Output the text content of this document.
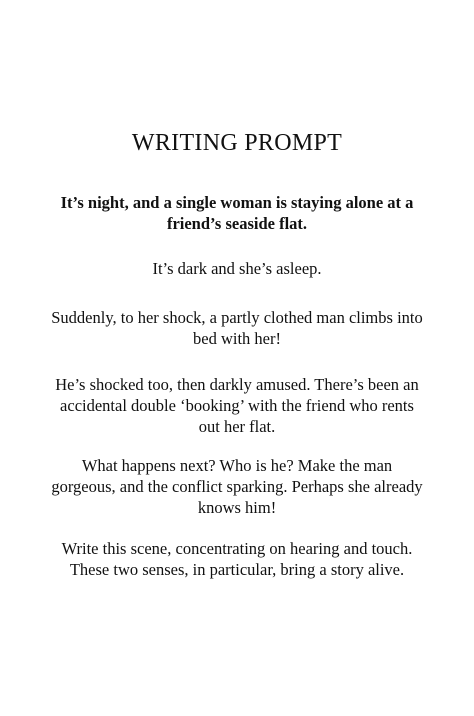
WRITING PROMPT
It’s night, and a single woman is staying alone at a friend’s seaside flat.
It’s dark and she’s asleep.
Suddenly, to her shock, a partly clothed man climbs into bed with her!
He’s shocked too, then darkly amused. There’s been an accidental double ‘booking’ with the friend who rents out her flat.
What happens next? Who is he? Make the man gorgeous, and the conflict sparking. Perhaps she already knows him!
Write this scene, concentrating on hearing and touch. These two senses, in particular, bring a story alive.
